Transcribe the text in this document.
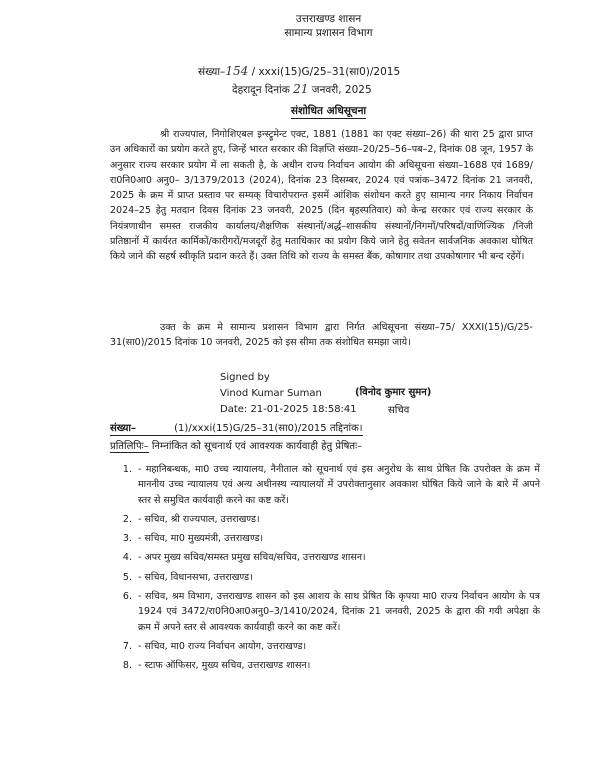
उत्तराखण्ड शासन
सामान्य प्रशासन विभाग
संख्या–154 / xxxi(15)G/25–31(सा0)/2015
देहरादून दिनांक 21 जनवरी, 2025
संशोधित अधिसूचना
श्री राज्यपाल, निगोशिएबल इन्स्ट्रूमेन्ट एक्ट, 1881 (1881 का एक्ट संख्या–26) की धारा 25 द्वारा प्राप्त उन अधिकारों का प्रयोग करते हुए, जिन्हें भारत सरकार की विज्ञप्ति संख्या–20/25–56–पब–2, दिनांक 08 जून, 1957 के अनुसार राज्य सरकार प्रयोग में ला सकती है, के अधीन राज्य निर्वाचन आयोग की अधिसूचना संख्या–1688 एवं 1689/रा0नि0आ0 अनु0– 3/1379/2013 (2024), दिनांक 23 दिसम्बर, 2024 एवं पत्रांक–3472 दिनांक 21 जनवरी, 2025 के क्रम में प्राप्त प्रस्ताव पर सम्यक् विचारोपरान्त इसमें आंशिक संशोधन करते हुए सामान्य नगर निकाय निर्वाचन 2024–25 हेतु मतदान दिवस दिनांक 23 जनवरी, 2025 (दिन बृहस्पतिवार) को केन्द्र सरकार एवं राज्य सरकार के नियंत्रणाधीन समस्त राजकीय कार्यालय/शैक्षणिक संस्थानों/अर्द्ध–शासकीय संस्थानों/निगमों/परिषदों/वाणिज्यिक /निजी प्रतिष्ठानों में कार्यरत कार्मिकों/कारीगरों/मजदूरों हेतु मताधिकार का प्रयोग किये जाने हेतु सवेतन सार्वजनिक अवकाश घोषित किये जाने की सहर्ष स्वीकृति प्रदान करते हैं। उक्त तिथि को राज्य के समस्त बैंक, कोषागार तथा उपकोषागार भी बन्द रहेंगें।
उक्त के क्रम मे सामान्य प्रशासन विभाग द्वारा निर्गत अधिसूचना संख्या–75/ XXXI(15)/G/25-31(सा0)/2015 दिनांक 10 जनवरी, 2025 को इस सीमा तक संशोधित समझा जाये।
Signed by
Vinod Kumar Suman
Date: 21-01-2025 18:58:41
(विनोद कुमार सुमन)
सचिव
संख्या–	(1)/xxxi(15)G/25–31(सा0)/2015 तद्दिनांक।
प्रतिलिपिः– निम्नांकित को सूचनार्थ एवं आवश्यक कार्यवाही हेतु प्रेषितः–
1. - महानिबन्धक, मा0 उच्च न्यायालय, नैनीताल को सूचनार्थ एवं इस अनुरोध के साथ प्रेषित कि उपरोक्त के क्रम में माननीय उच्च न्यायालय एवं अन्य अधीनस्थ न्यायालयों में उपरोक्तानुसार अवकाश घोषित किये जाने के बारे में अपने स्तर से समुचित कार्यवाही करने का कष्ट करें।
2. - सचिव, श्री राज्यपाल, उत्तराखण्ड।
3. - सचिव, मा0 मुख्यमंत्री, उत्तराखण्ड।
4. - अपर मुख्य सचिव/समस्त प्रमुख सचिव/सचिव, उत्तराखण्ड शासन।
5. - सचिव, विधानसभा, उत्तराखण्ड।
6. - सचिव, श्रम विभाग, उत्तराखण्ड शासन को इस आशय के साथ प्रेषित कि कृपया मा0 राज्य निर्वाचन आयोग के पत्र 1924 एवं 3472/रा0नि0आ0अनु0–3/1410/2024, दिनांक 21 जनवरी, 2025 के द्वारा की गयी अपेक्षा के क्रम में अपने स्तर से आवश्यक कार्यवाही करने का कष्ट करें।
7. - सचिव, मा0 राज्य निर्वाचन आयोग, उत्तराखण्ड।
8. - स्टाफ ऑफिसर, मुख्य सचिव, उत्तराखण्ड शासन।
